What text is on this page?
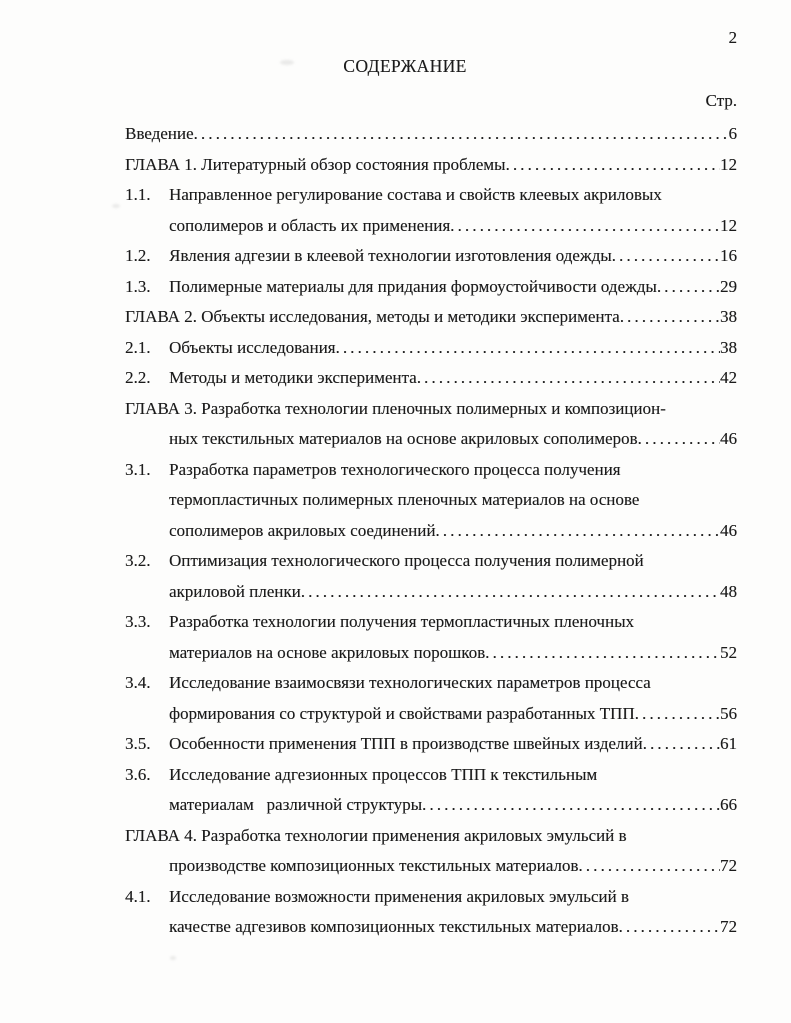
2
СОДЕРЖАНИЕ
Стр.
Введение .....	6
ГЛАВА 1. Литературный обзор состояния проблемы .....	12
1.1.	Направленное регулирование состава и свойств клеевых акриловых
сополимеров и область их применения .....	12
1.2.	Явления адгезии в клеевой технологии изготовления одежды .....	16
1.3.	Полимерные материалы для придания формоустойчивости одежды .....	29
ГЛАВА 2. Объекты исследования, методы и методики эксперимента .....	38
2.1.	Объекты исследования .....	38
2.2.	Методы и методики эксперимента .....	42
ГЛАВА 3. Разработка технологии пленочных полимерных и композицион-
ных текстильных материалов на основе акриловых сополимеров .....	46
3.1.	Разработка параметров технологического процесса получения
термопластичных полимерных пленочных материалов на основе
сополимеров акриловых соединений .....	46
3.2.	Оптимизация технологического процесса получения полимерной
акриловой пленки .....	48
3.3.	Разработка технологии получения термопластичных пленочных
материалов на основе акриловых порошков .....	52
3.4.	Исследование взаимосвязи технологических параметров процесса
формирования со структурой и свойствами разработанных ТПП .....	56
3.5.	Особенности применения ТПП в производстве швейных изделий .....	61
3.6.	Исследование адгезионных процессов ТПП к текстильным
материалам   различной структуры .....	66
ГЛАВА 4. Разработка технологии применения акриловых эмульсий в
производстве композиционных текстильных материалов .....	72
4.1.	Исследование возможности применения акриловых эмульсий в
качестве адгезивов композиционных текстильных материалов .....	72
